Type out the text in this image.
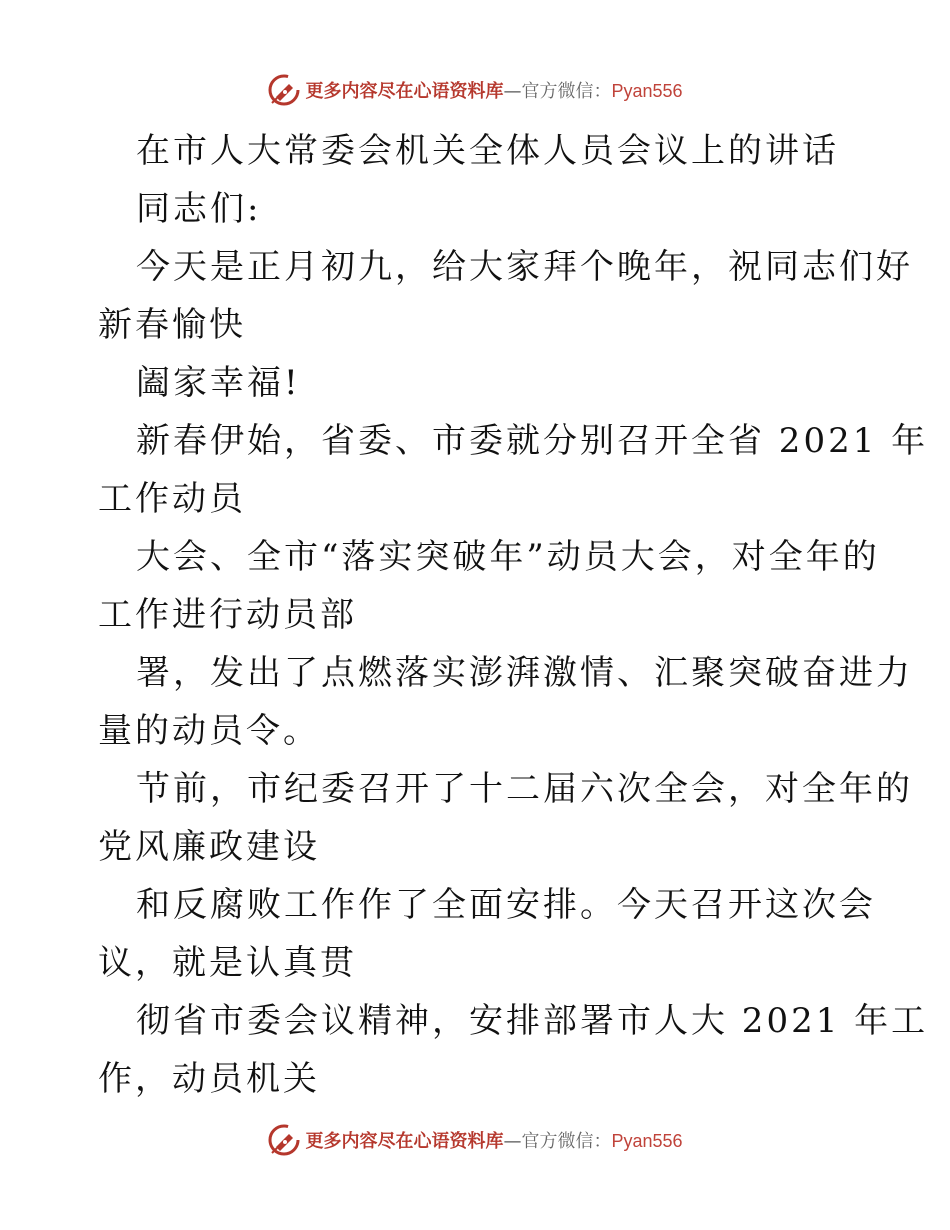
更多内容尽在心语资料库—官方微信：Pyan556
在市人大常委会机关全体人员会议上的讲话
同志们:
今天是正月初九，给大家拜个晚年，祝同志们好
新春愉快
阖家幸福!
新春伊始，省委、市委就分别召开全省 2021 年
工作动员
大会、全市“落实突破年”动员大会，对全年的
工作进行动员部
署，发出了点燃落实澎湃激情、汇聚突破奋进力
量的动员令。
节前，市纪委召开了十二届六次全会，对全年的
党风廉政建设
和反腐败工作作了全面安排。今天召开这次会
议，就是认真贯
彻省市委会议精神，安排部署市人大 2021 年工
作，动员机关
更多内容尽在心语资料库—官方微信：Pyan556
